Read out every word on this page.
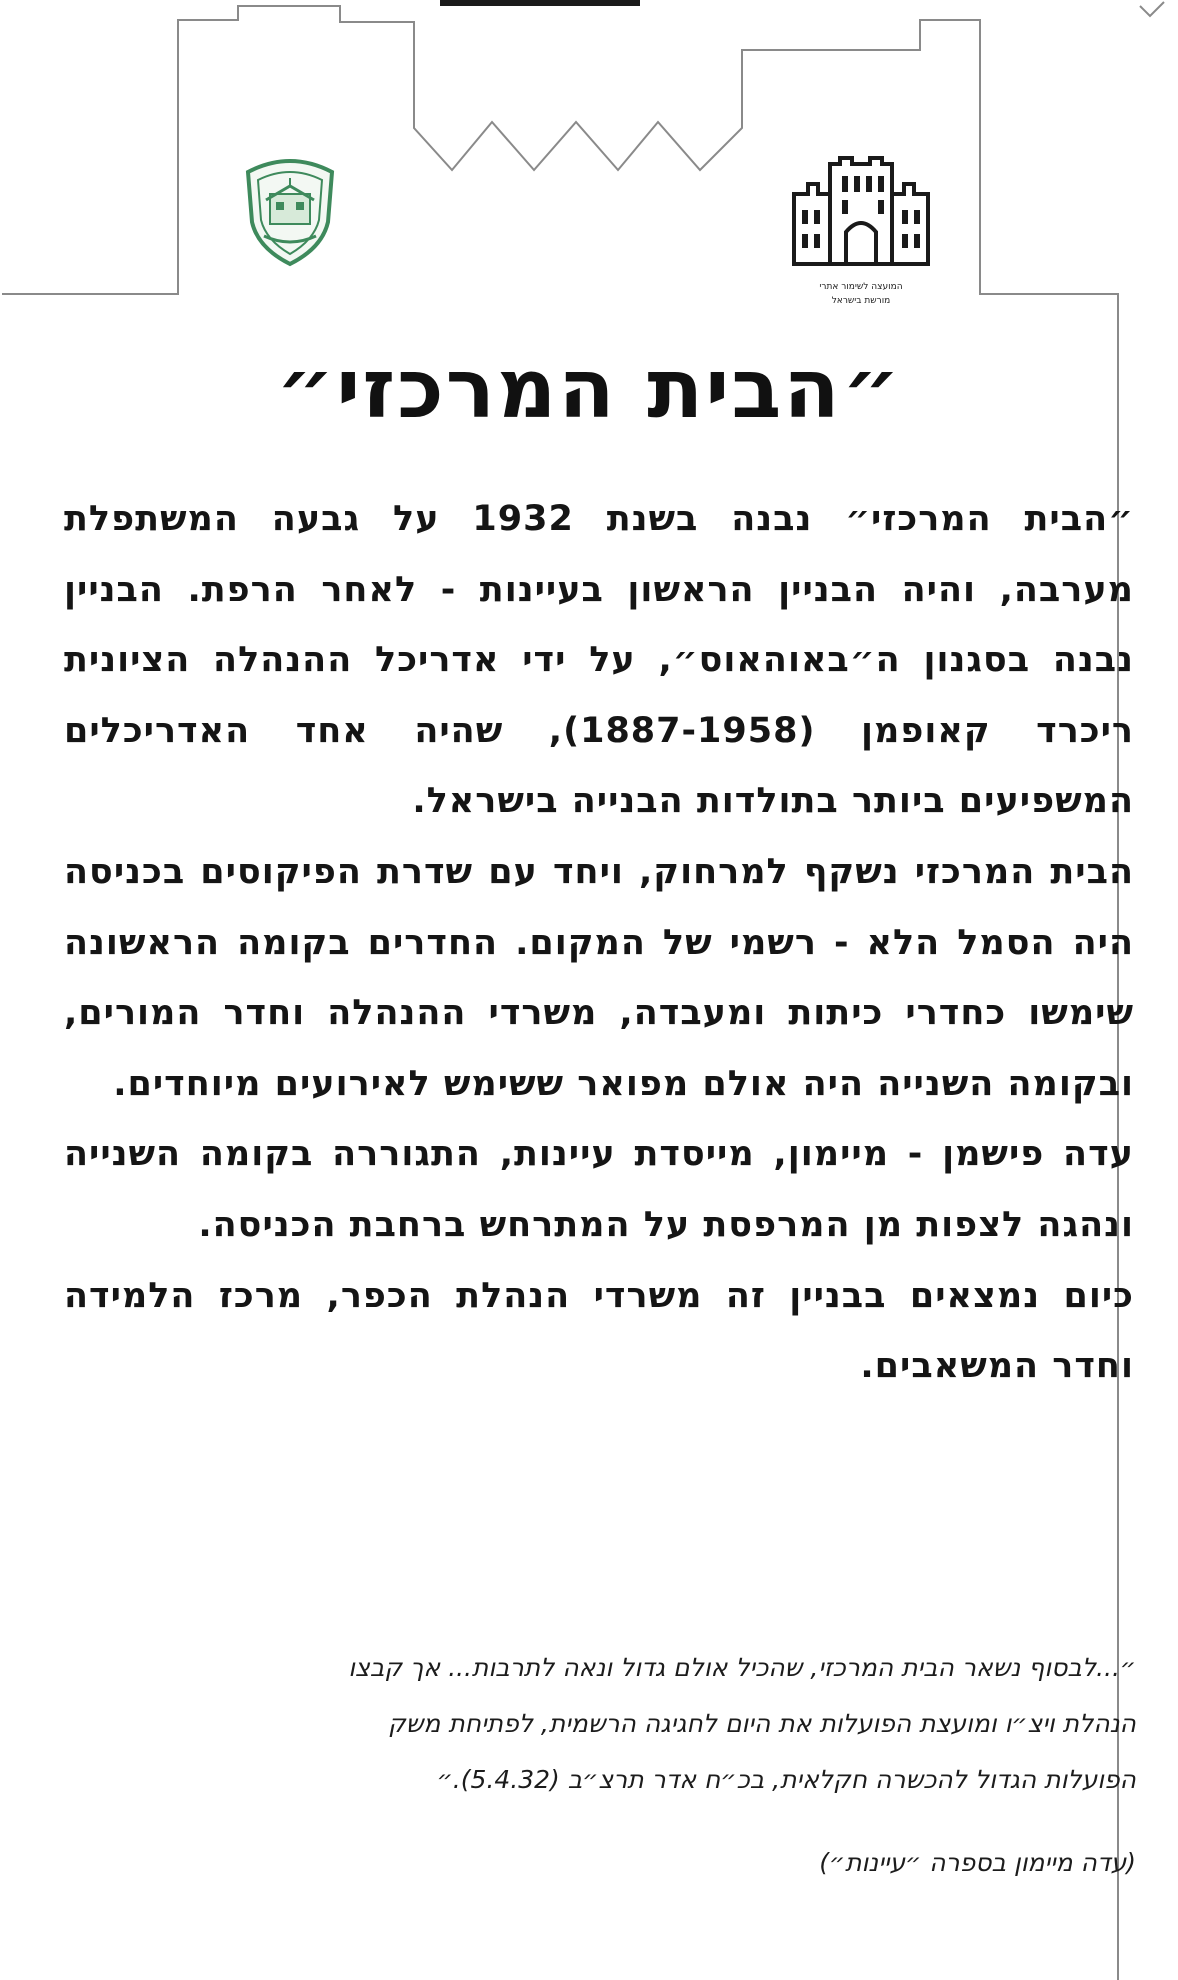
המועצה לשימור אתרי
מורשת בישראל
״הבית המרכזי״

״הבית המרכזי״ נבנה בשנת 1932 על גבעה המשתפלת מערבה, והיה הבניין הראשון בעיינות - לאחר הרפת. הבניין נבנה בסגנון ה״באוהאוס״, על ידי אדריכל ההנהלה הציונית ריכרד קאופמן (1887-1958), שהיה אחד האדריכלים המשפיעים ביותר בתולדות הבנייה בישראל.

הבית המרכזי נשקף למרחוק, ויחד עם שדרת הפיקוסים בכניסה היה הסמל הלא - רשמי של המקום. החדרים בקומה הראשונה שימשו כחדרי כיתות ומעבדה, משרדי ההנהלה וחדר המורים, ובקומה השנייה היה אולם מפואר ששימש לאירועים מיוחדים.

עדה פישמן - מיימון, מייסדת עיינות, התגוררה בקומה השנייה ונהגה לצפות מן המרפסת על המתרחש ברחבת הכניסה.

כיום נמצאים בבניין זה משרדי הנהלת הכפר, מרכז הלמידה וחדר המשאבים.

״...לבסוף נשאר הבית המרכזי, שהכיל אולם גדול ונאה לתרבות... אך קבצו

הנהלת ויצ״ו ומועצת הפועלות את היום לחגיגה הרשמית, לפתיחת משק

הפועלות הגדול להכשרה חקלאית, בכ״ח אדר תרצ״ב (5.4.32).״

(עדה מיימון בספרה ״עיינות״)
